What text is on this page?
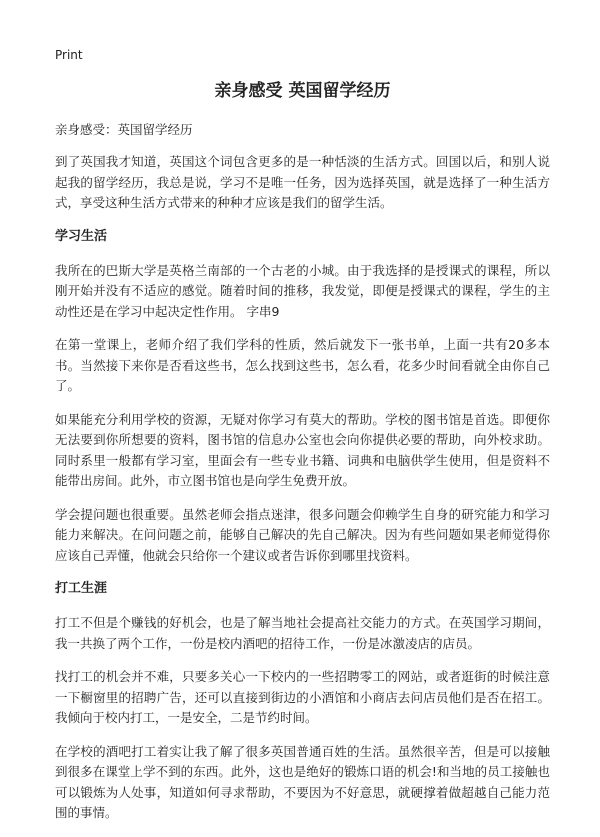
Print
亲身感受 英国留学经历

亲身感受：英国留学经历

到了英国我才知道，英国这个词包含更多的是一种恬淡的生活方式。回国以后，和别人说起我的留学经历，我总是说，学习不是唯一任务，因为选择英国，就是选择了一种生活方式，享受这种生活方式带来的种种才应该是我们的留学生活。

学习生活

我所在的巴斯大学是英格兰南部的一个古老的小城。由于我选择的是授课式的课程，所以刚开始并没有不适应的感觉。随着时间的推移，我发觉，即便是授课式的课程，学生的主动性还是在学习中起决定性作用。 字串9

在第一堂课上，老师介绍了我们学科的性质，然后就发下一张书单，上面一共有20多本书。当然接下来你是否看这些书，怎么找到这些书，怎么看，花多少时间看就全由你自己了。

如果能充分利用学校的资源，无疑对你学习有莫大的帮助。学校的图书馆是首选。即便你无法要到你所想要的资料，图书馆的信息办公室也会向你提供必要的帮助，向外校求助。同时系里一般都有学习室，里面会有一些专业书籍、词典和电脑供学生使用，但是资料不能带出房间。此外，市立图书馆也是向学生免费开放。

学会提问题也很重要。虽然老师会指点迷津，很多问题会仰赖学生自身的研究能力和学习能力来解决。在问问题之前，能够自己解决的先自己解决。因为有些问题如果老师觉得你应该自己弄懂，他就会只给你一个建议或者告诉你到哪里找资料。

打工生涯

打工不但是个赚钱的好机会，也是了解当地社会提高社交能力的方式。在英国学习期间，我一共换了两个工作，一份是校内酒吧的招待工作，一份是冰激凌店的店员。

找打工的机会并不难，只要多关心一下校内的一些招聘零工的网站，或者逛街的时候注意一下橱窗里的招聘广告，还可以直接到街边的小酒馆和小商店去问店员他们是否在招工。我倾向于校内打工，一是安全，二是节约时间。

在学校的酒吧打工着实让我了解了很多英国普通百姓的生活。虽然很辛苦，但是可以接触到很多在课堂上学不到的东西。此外，这也是绝好的锻炼口语的机会!和当地的员工接触也可以锻炼为人处事，知道如何寻求帮助，不要因为不好意思，就硬撑着做超越自己能力范围的事情。
